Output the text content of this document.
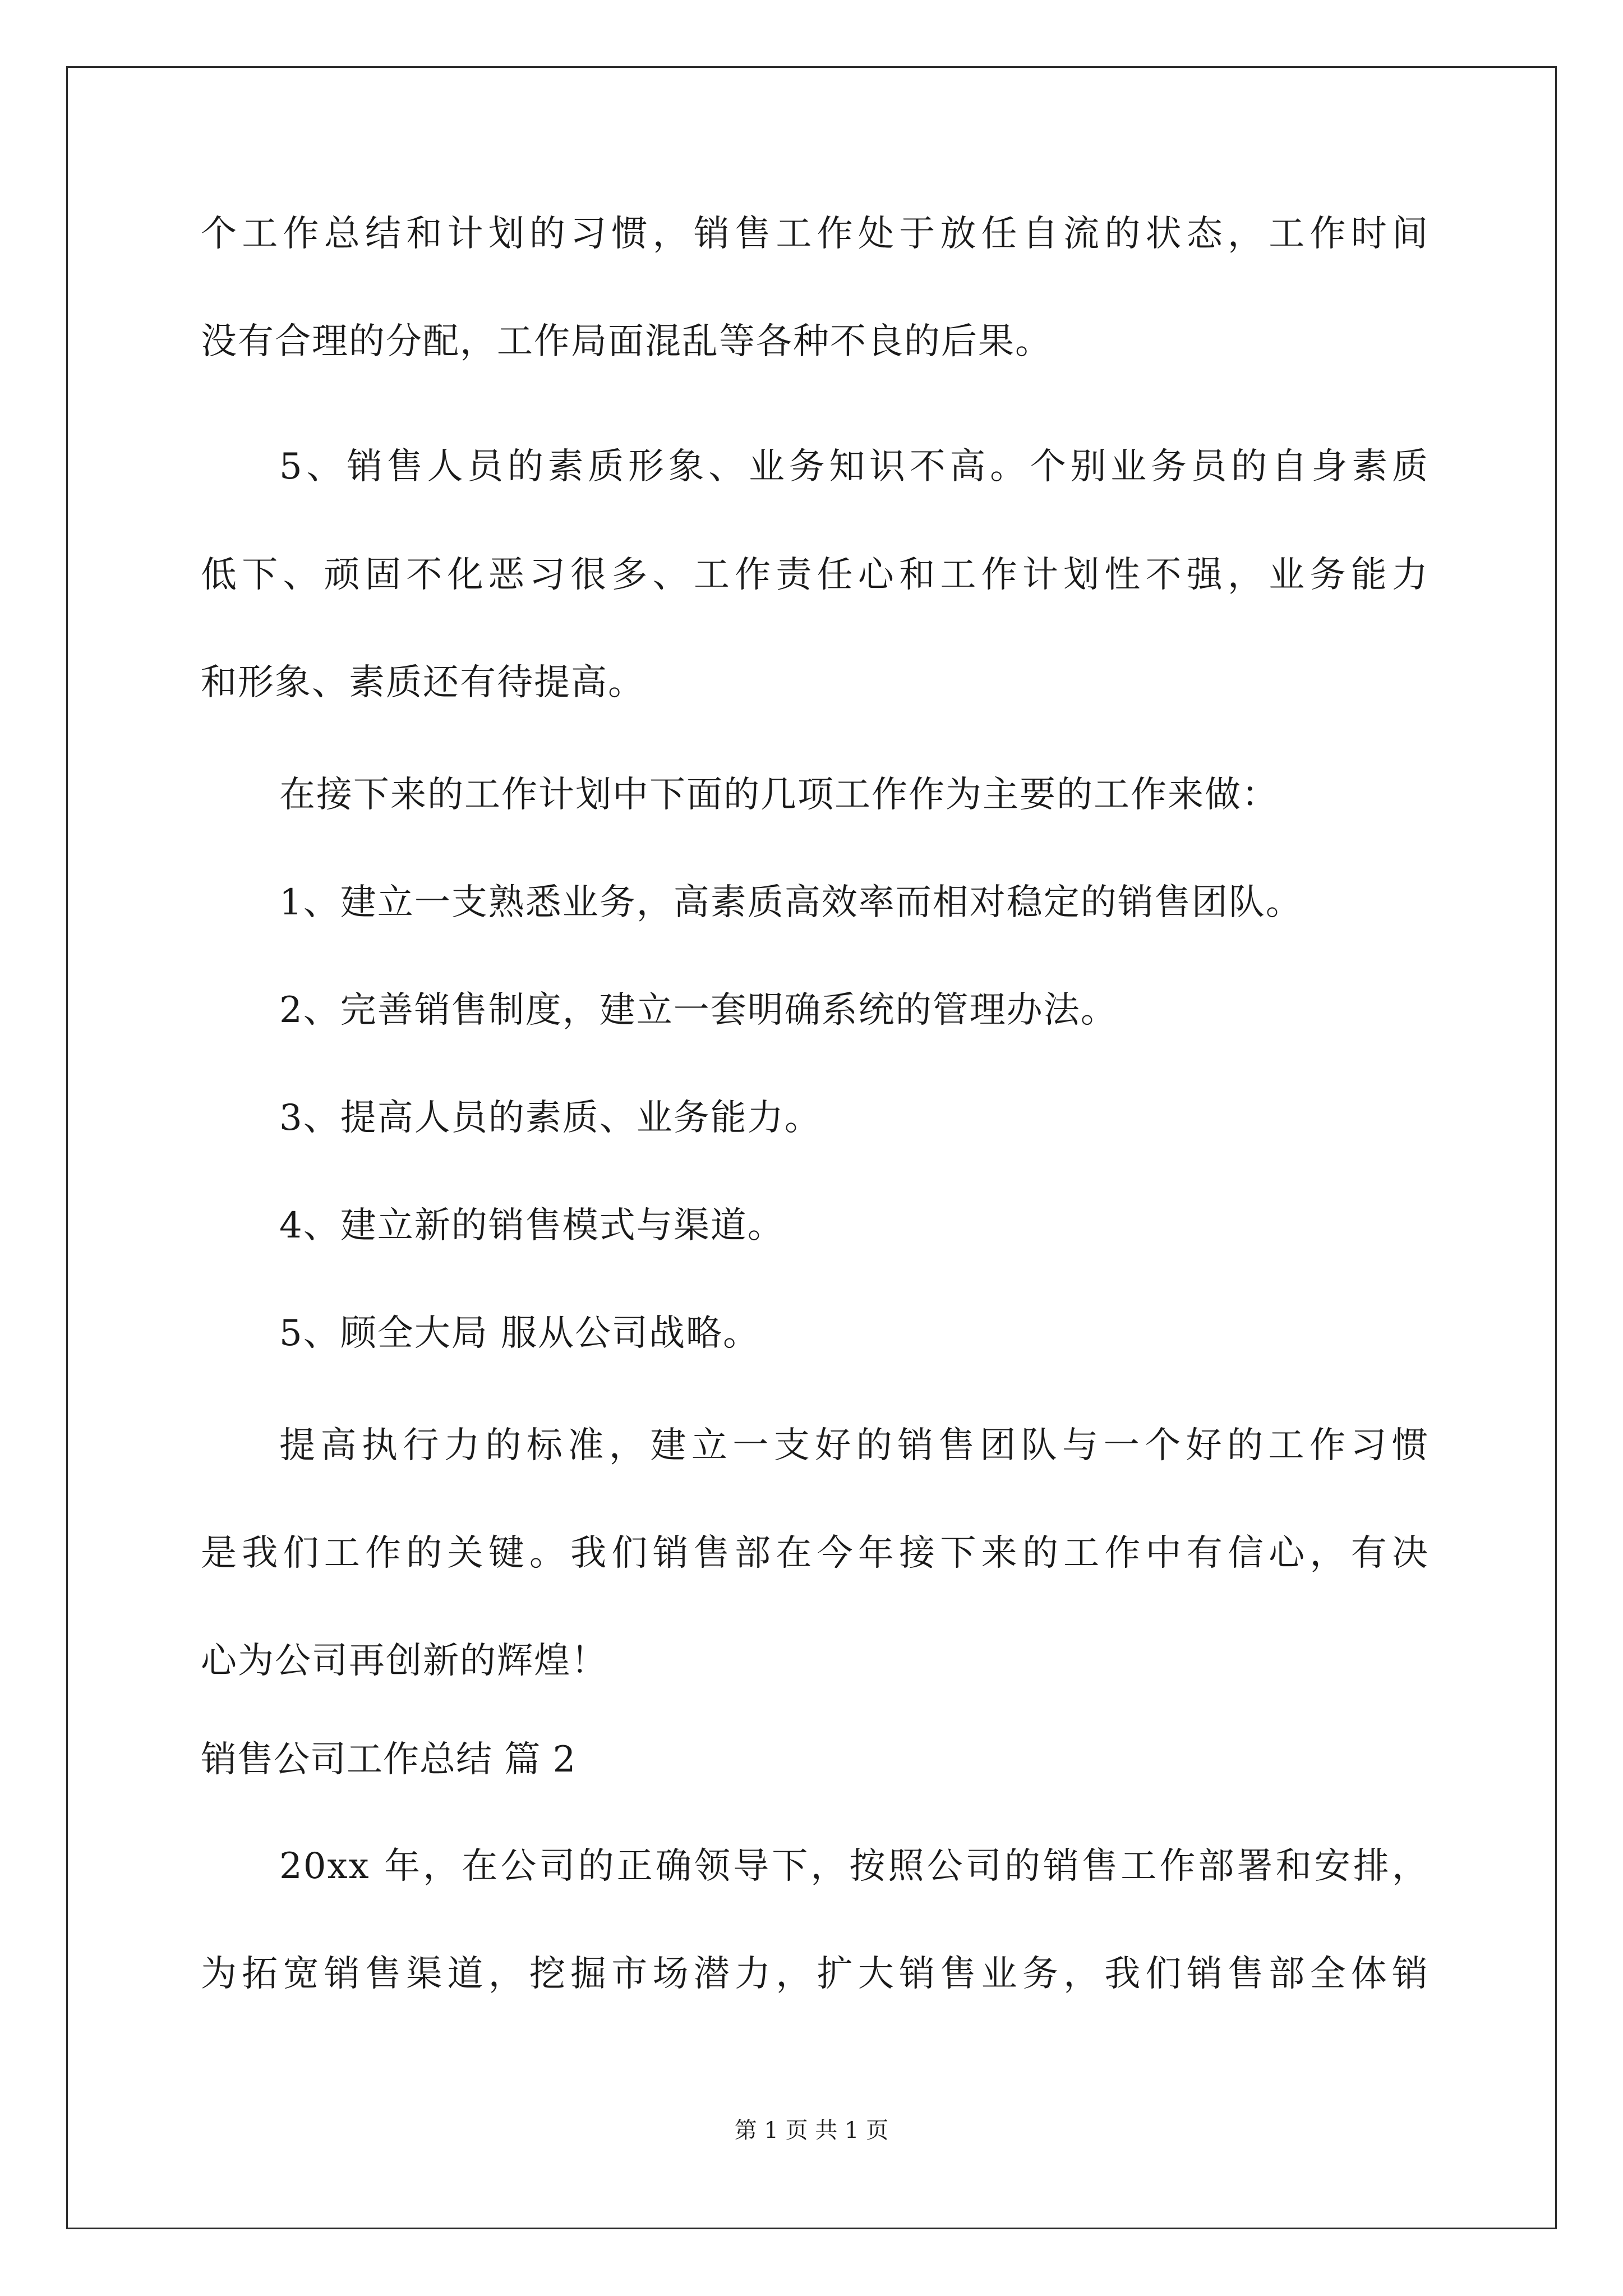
个工作总结和计划的习惯，销售工作处于放任自流的状态，工作时间
没有合理的分配，工作局面混乱等各种不良的后果。
5、销售人员的素质形象、业务知识不高。个别业务员的自身素质
低下、顽固不化恶习很多、工作责任心和工作计划性不强，业务能力
和形象、素质还有待提高。
在接下来的工作计划中下面的几项工作作为主要的工作来做：
1、建立一支熟悉业务，高素质高效率而相对稳定的销售团队。
2、完善销售制度，建立一套明确系统的管理办法。
3、提高人员的素质、业务能力。
4、建立新的销售模式与渠道。
5、顾全大局 服从公司战略。
提高执行力的标准，建立一支好的销售团队与一个好的工作习惯
是我们工作的关键。我们销售部在今年接下来的工作中有信心，有决
心为公司再创新的辉煌！
销售公司工作总结 篇 2
20xx 年，在公司的正确领导下，按照公司的销售工作部署和安排，
为拓宽销售渠道，挖掘市场潜力，扩大销售业务，我们销售部全体销
第 1 页 共 1 页
